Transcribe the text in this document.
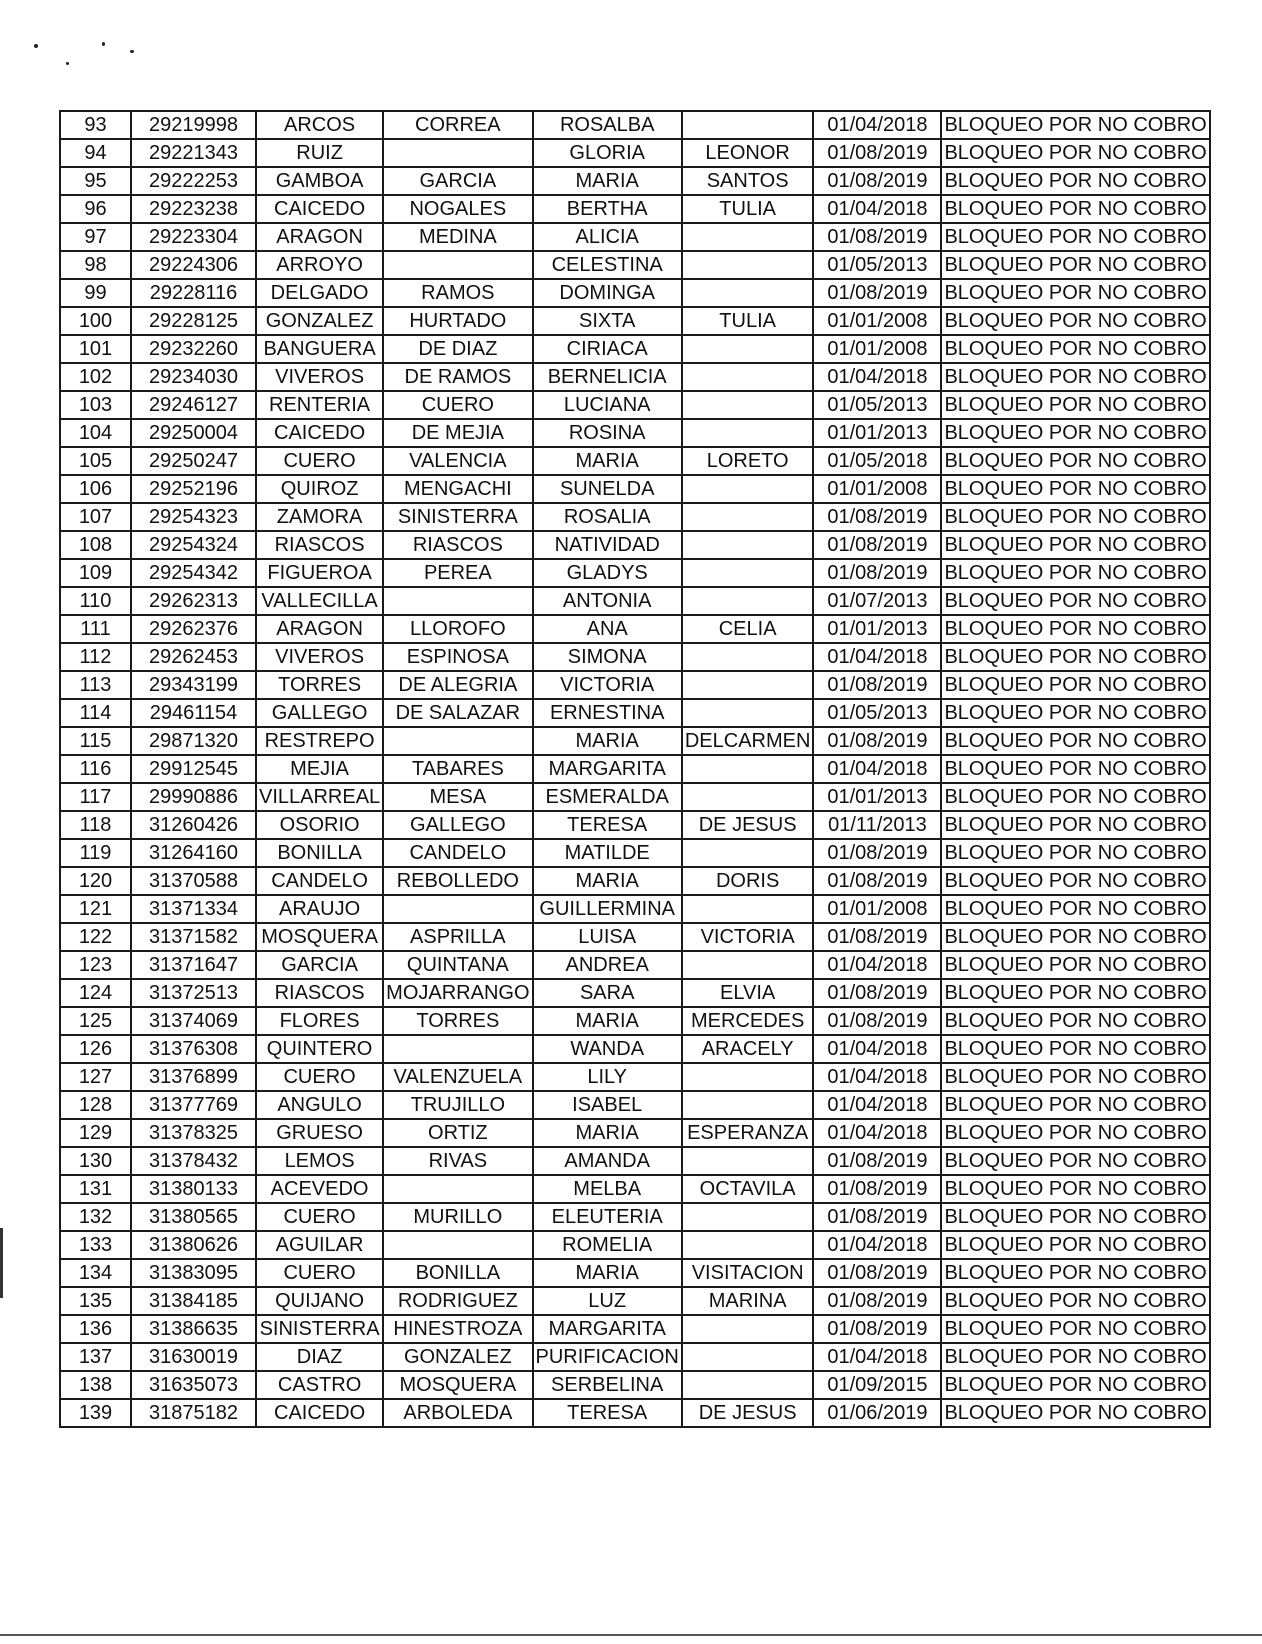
93	29219998	ARCOS	CORREA	ROSALBA		01/04/2018	BLOQUEO POR NO COBRO
94	29221343	RUIZ		GLORIA	LEONOR	01/08/2019	BLOQUEO POR NO COBRO
95	29222253	GAMBOA	GARCIA	MARIA	SANTOS	01/08/2019	BLOQUEO POR NO COBRO
96	29223238	CAICEDO	NOGALES	BERTHA	TULIA	01/04/2018	BLOQUEO POR NO COBRO
97	29223304	ARAGON	MEDINA	ALICIA		01/08/2019	BLOQUEO POR NO COBRO
98	29224306	ARROYO		CELESTINA		01/05/2013	BLOQUEO POR NO COBRO
99	29228116	DELGADO	RAMOS	DOMINGA		01/08/2019	BLOQUEO POR NO COBRO
100	29228125	GONZALEZ	HURTADO	SIXTA	TULIA	01/01/2008	BLOQUEO POR NO COBRO
101	29232260	BANGUERA	DE DIAZ	CIRIACA		01/01/2008	BLOQUEO POR NO COBRO
102	29234030	VIVEROS	DE RAMOS	BERNELICIA		01/04/2018	BLOQUEO POR NO COBRO
103	29246127	RENTERIA	CUERO	LUCIANA		01/05/2013	BLOQUEO POR NO COBRO
104	29250004	CAICEDO	DE MEJIA	ROSINA		01/01/2013	BLOQUEO POR NO COBRO
105	29250247	CUERO	VALENCIA	MARIA	LORETO	01/05/2018	BLOQUEO POR NO COBRO
106	29252196	QUIROZ	MENGACHI	SUNELDA		01/01/2008	BLOQUEO POR NO COBRO
107	29254323	ZAMORA	SINISTERRA	ROSALIA		01/08/2019	BLOQUEO POR NO COBRO
108	29254324	RIASCOS	RIASCOS	NATIVIDAD		01/08/2019	BLOQUEO POR NO COBRO
109	29254342	FIGUEROA	PEREA	GLADYS		01/08/2019	BLOQUEO POR NO COBRO
110	29262313	VALLECILLA		ANTONIA		01/07/2013	BLOQUEO POR NO COBRO
111	29262376	ARAGON	LLOROFO	ANA	CELIA	01/01/2013	BLOQUEO POR NO COBRO
112	29262453	VIVEROS	ESPINOSA	SIMONA		01/04/2018	BLOQUEO POR NO COBRO
113	29343199	TORRES	DE ALEGRIA	VICTORIA		01/08/2019	BLOQUEO POR NO COBRO
114	29461154	GALLEGO	DE SALAZAR	ERNESTINA		01/05/2013	BLOQUEO POR NO COBRO
115	29871320	RESTREPO		MARIA	DELCARMEN	01/08/2019	BLOQUEO POR NO COBRO
116	29912545	MEJIA	TABARES	MARGARITA		01/04/2018	BLOQUEO POR NO COBRO
117	29990886	VILLARREAL	MESA	ESMERALDA		01/01/2013	BLOQUEO POR NO COBRO
118	31260426	OSORIO	GALLEGO	TERESA	DE JESUS	01/11/2013	BLOQUEO POR NO COBRO
119	31264160	BONILLA	CANDELO	MATILDE		01/08/2019	BLOQUEO POR NO COBRO
120	31370588	CANDELO	REBOLLEDO	MARIA	DORIS	01/08/2019	BLOQUEO POR NO COBRO
121	31371334	ARAUJO		GUILLERMINA		01/01/2008	BLOQUEO POR NO COBRO
122	31371582	MOSQUERA	ASPRILLA	LUISA	VICTORIA	01/08/2019	BLOQUEO POR NO COBRO
123	31371647	GARCIA	QUINTANA	ANDREA		01/04/2018	BLOQUEO POR NO COBRO
124	31372513	RIASCOS	MOJARRANGO	SARA	ELVIA	01/08/2019	BLOQUEO POR NO COBRO
125	31374069	FLORES	TORRES	MARIA	MERCEDES	01/08/2019	BLOQUEO POR NO COBRO
126	31376308	QUINTERO		WANDA	ARACELY	01/04/2018	BLOQUEO POR NO COBRO
127	31376899	CUERO	VALENZUELA	LILY		01/04/2018	BLOQUEO POR NO COBRO
128	31377769	ANGULO	TRUJILLO	ISABEL		01/04/2018	BLOQUEO POR NO COBRO
129	31378325	GRUESO	ORTIZ	MARIA	ESPERANZA	01/04/2018	BLOQUEO POR NO COBRO
130	31378432	LEMOS	RIVAS	AMANDA		01/08/2019	BLOQUEO POR NO COBRO
131	31380133	ACEVEDO		MELBA	OCTAVILA	01/08/2019	BLOQUEO POR NO COBRO
132	31380565	CUERO	MURILLO	ELEUTERIA		01/08/2019	BLOQUEO POR NO COBRO
133	31380626	AGUILAR		ROMELIA		01/04/2018	BLOQUEO POR NO COBRO
134	31383095	CUERO	BONILLA	MARIA	VISITACION	01/08/2019	BLOQUEO POR NO COBRO
135	31384185	QUIJANO	RODRIGUEZ	LUZ	MARINA	01/08/2019	BLOQUEO POR NO COBRO
136	31386635	SINISTERRA	HINESTROZA	MARGARITA		01/08/2019	BLOQUEO POR NO COBRO
137	31630019	DIAZ	GONZALEZ	PURIFICACION		01/04/2018	BLOQUEO POR NO COBRO
138	31635073	CASTRO	MOSQUERA	SERBELINA		01/09/2015	BLOQUEO POR NO COBRO
139	31875182	CAICEDO	ARBOLEDA	TERESA	DE JESUS	01/06/2019	BLOQUEO POR NO COBRO
